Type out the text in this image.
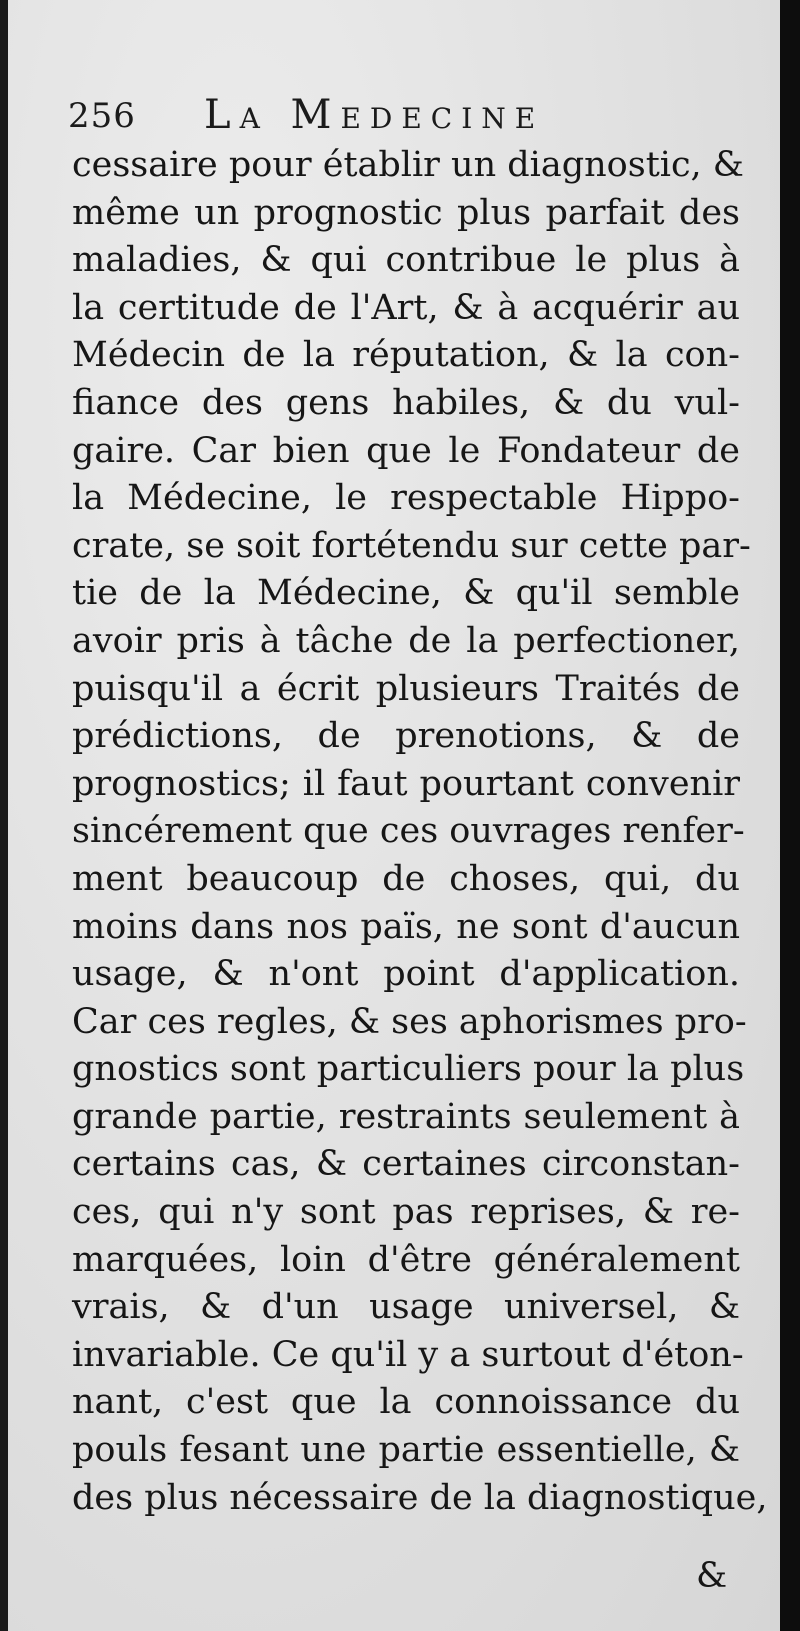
256 La Medecine
cessaire pour établir un diagnostic, &
même un prognostic plus parfait des
maladies, & qui contribue le plus à
la certitude de l'Art, & à acquérir au
Médecin de la réputation, & la con-
fiance des gens habiles, & du vul-
gaire. Car bien que le Fondateur de
la Médecine, le respectable Hippo-
crate, se soit fortétendu sur cette par-
tie de la Médecine, & qu'il semble
avoir pris à tâche de la perfectioner,
puisqu'il a écrit plusieurs Traités de
prédictions, de prenotions, & de
prognostics; il faut pourtant convenir
sincérement que ces ouvrages renfer-
ment beaucoup de choses, qui, du
moins dans nos païs, ne sont d'aucun
usage, & n'ont point d'application.
Car ces regles, & ses aphorismes pro-
gnostics sont particuliers pour la plus
grande partie, restraints seulement à
certains cas, & certaines circonstan-
ces, qui n'y sont pas reprises, & re-
marquées, loin d'être généralement
vrais, & d'un usage universel, &
invariable. Ce qu'il y a surtout d'éton-
nant, c'est que la connoissance du
pouls fesant une partie essentielle, &
des plus nécessaire de la diagnostique,
&
